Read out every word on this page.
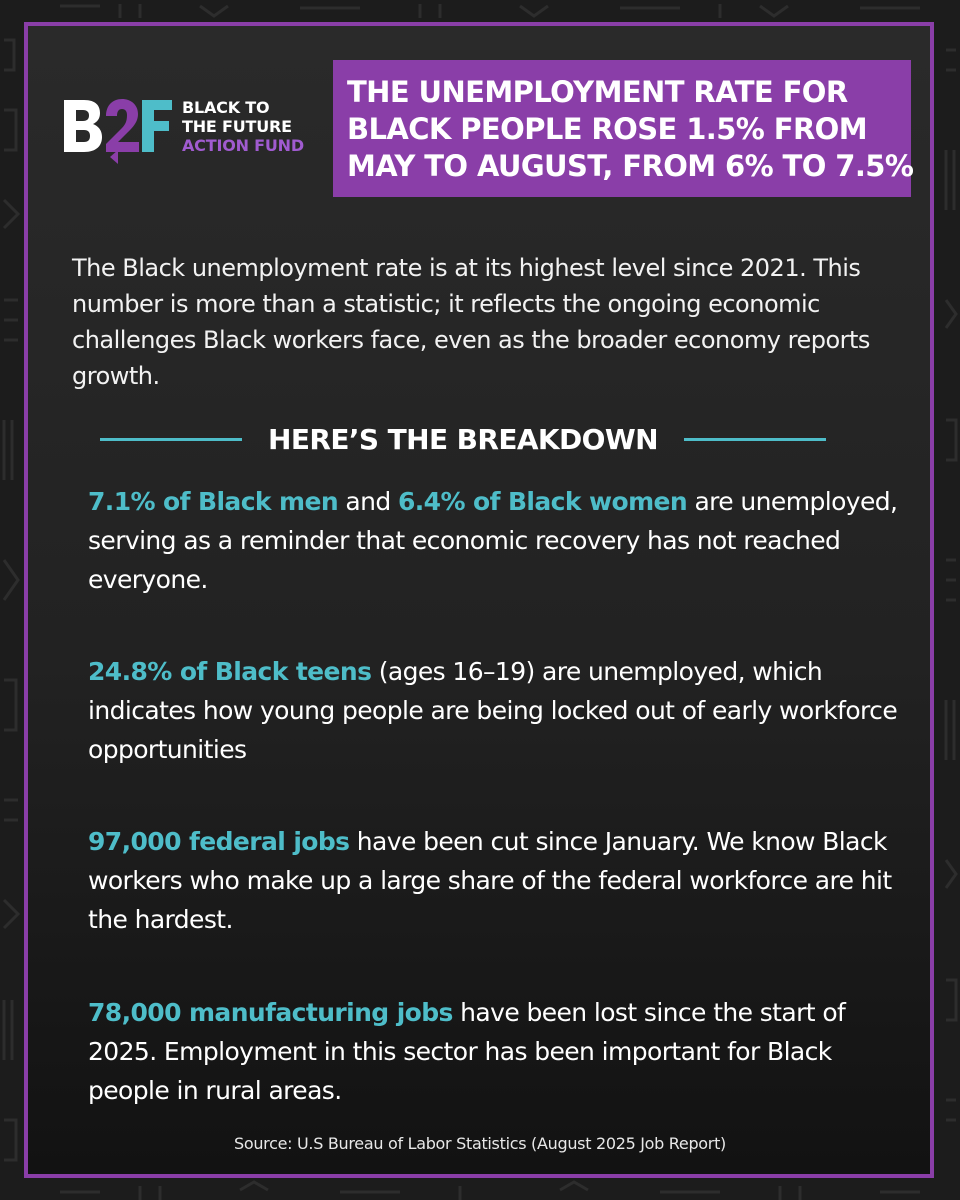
BLACK TO
THE FUTURE
ACTION FUND
THE UNEMPLOYMENT RATE FOR
BLACK PEOPLE ROSE 1.5% FROM
MAY TO AUGUST, FROM 6% TO 7.5%

The Black unemployment rate is at its highest level since 2021. This number is more than a statistic; it reflects the ongoing economic challenges Black workers face, even as the broader economy reports growth.

HERE’S THE BREAKDOWN

7.1% of Black men and 6.4% of Black women are unemployed, serving as a reminder that economic recovery has not reached everyone.

24.8% of Black teens (ages 16–19) are unemployed, which indicates how young people are being locked out of early workforce opportunities

97,000 federal jobs have been cut since January. We know Black workers who make up a large share of the federal workforce are hit the hardest.

78,000 manufacturing jobs have been lost since the start of 2025. Employment in this sector has been important for Black people in rural areas.

Source: U.S Bureau of Labor Statistics (August 2025 Job Report)
